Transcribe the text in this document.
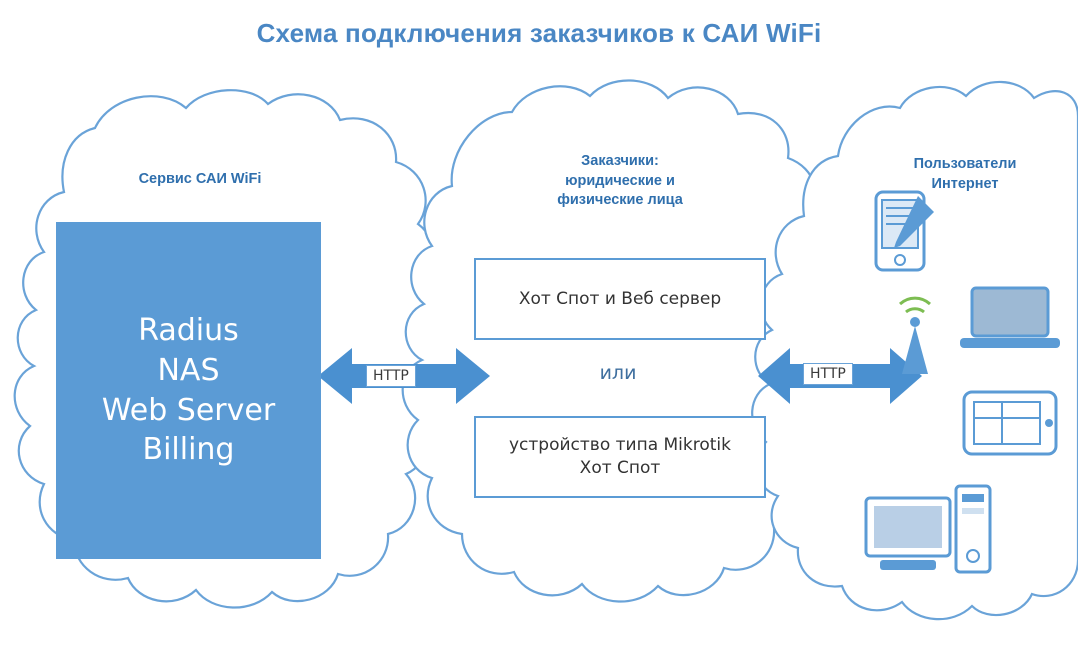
Схема подключения заказчиков к САИ WiFi
Сервис САИ WiFi
Заказчики:
юридические и
физические лица
Пользователи
Интернет
Radius
NAS
Web Server
Billing
Хот Спот и Веб сервер
или
устройство типа Mikrotik
Хот Спот
HTTP	HTTP
